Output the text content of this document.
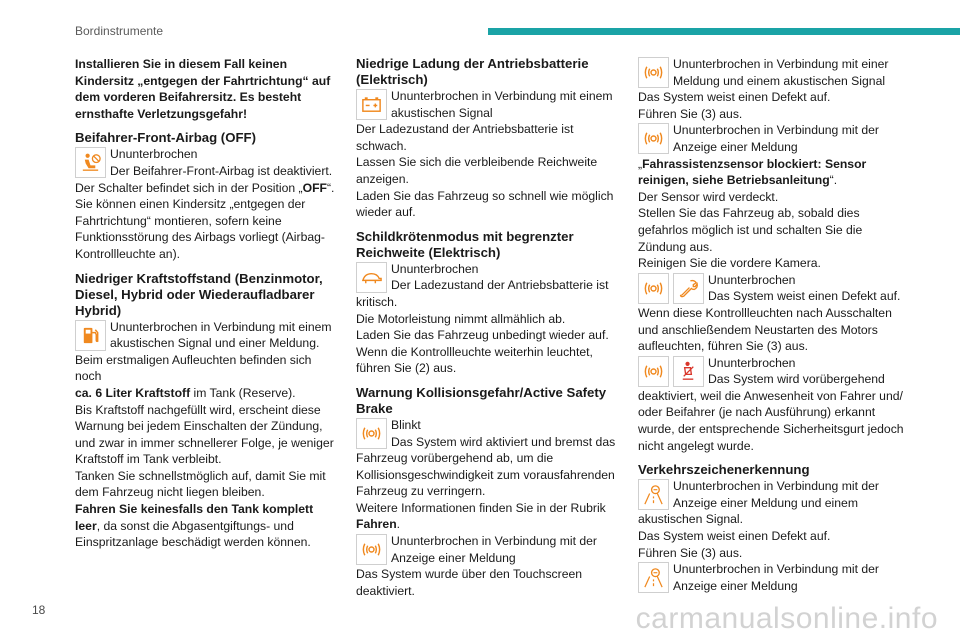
Bordinstrumente

Installieren Sie in diesem Fall keinen Kindersitz „entgegen der Fahrtrichtung“ auf dem vorderen Beifahrersitz. Es besteht ernsthafte Verletzungsgefahr!

Beifahrer-Front-Airbag (OFF)

Ununterbrochen

Der Beifahrer-Front-Airbag ist deaktiviert.

Der Schalter befindet sich in der Position „OFF“.

Sie können einen Kindersitz „entgegen der Fahrtrichtung“ montieren, sofern keine Funktionsstörung des Airbags vorliegt (Airbag-Kontrollleuchte an).

Niedriger Kraftstoffstand (Benzinmotor, Diesel, Hybrid oder Wiederaufladbarer Hybrid)

Ununterbrochen in Verbindung mit einem akustischen Signal und einer Meldung.

Beim erstmaligen Aufleuchten befinden sich noch
ca. 6 Liter Kraftstoff im Tank (Reserve).

Bis Kraftstoff nachgefüllt wird, erscheint diese Warnung bei jedem Einschalten der Zündung, und zwar in immer schnellerer Folge, je weniger Kraftstoff im Tank verbleibt.

Tanken Sie schnellstmöglich auf, damit Sie mit dem Fahrzeug nicht liegen bleiben.

Fahren Sie keinesfalls den Tank komplett leer, da sonst die Abgasentgiftungs- und Einspritzanlage beschädigt werden können.

Niedrige Ladung der Antriebsbatterie (Elektrisch)

Ununterbrochen in Verbindung mit einem akustischen Signal

Der Ladezustand der Antriebsbatterie ist schwach.

Lassen Sie sich die verbleibende Reichweite anzeigen.

Laden Sie das Fahrzeug so schnell wie möglich wieder auf.

Schildkrötenmodus mit begrenzter Reichweite (Elektrisch)

Ununterbrochen

Der Ladezustand der Antriebsbatterie ist kritisch.

Die Motorleistung nimmt allmählich ab.

Laden Sie das Fahrzeug unbedingt wieder auf.

Wenn die Kontrollleuchte weiterhin leuchtet, führen Sie (2) aus.

Warnung Kollisionsgefahr/Active Safety Brake

Blinkt

Das System wird aktiviert und bremst das Fahrzeug vorübergehend ab, um die Kollisionsgeschwindigkeit zum vorausfahrenden Fahrzeug zu verringern.

Weitere Informationen finden Sie in der Rubrik Fahren.

Ununterbrochen in Verbindung mit der Anzeige einer Meldung

Das System wurde über den Touchscreen deaktiviert.

Ununterbrochen in Verbindung mit einer Meldung und einem akustischen Signal

Das System weist einen Defekt auf.

Führen Sie (3) aus.

Ununterbrochen in Verbindung mit der Anzeige einer Meldung

„Fahrassistenzsensor blockiert: Sensor reinigen, siehe Betriebsanleitung“.

Der Sensor wird verdeckt.

Stellen Sie das Fahrzeug ab, sobald dies gefahrlos möglich ist und schalten Sie die Zündung aus.

Reinigen Sie die vordere Kamera.

Ununterbrochen

Das System weist einen Defekt auf.

Wenn diese Kontrollleuchten nach Ausschalten und anschließendem Neustarten des Motors aufleuchten, führen Sie (3) aus.

Ununterbrochen

Das System wird vorübergehend deaktiviert, weil die Anwesenheit von Fahrer und/ oder Beifahrer (je nach Ausführung) erkannt wurde, der entsprechende Sicherheitsgurt jedoch nicht angelegt wurde.

Verkehrszeichenerkennung

Ununterbrochen in Verbindung mit der Anzeige einer Meldung und einem akustischen Signal.

Das System weist einen Defekt auf.

Führen Sie (3) aus.

Ununterbrochen in Verbindung mit der Anzeige einer Meldung

18	carmanualsonline.info
